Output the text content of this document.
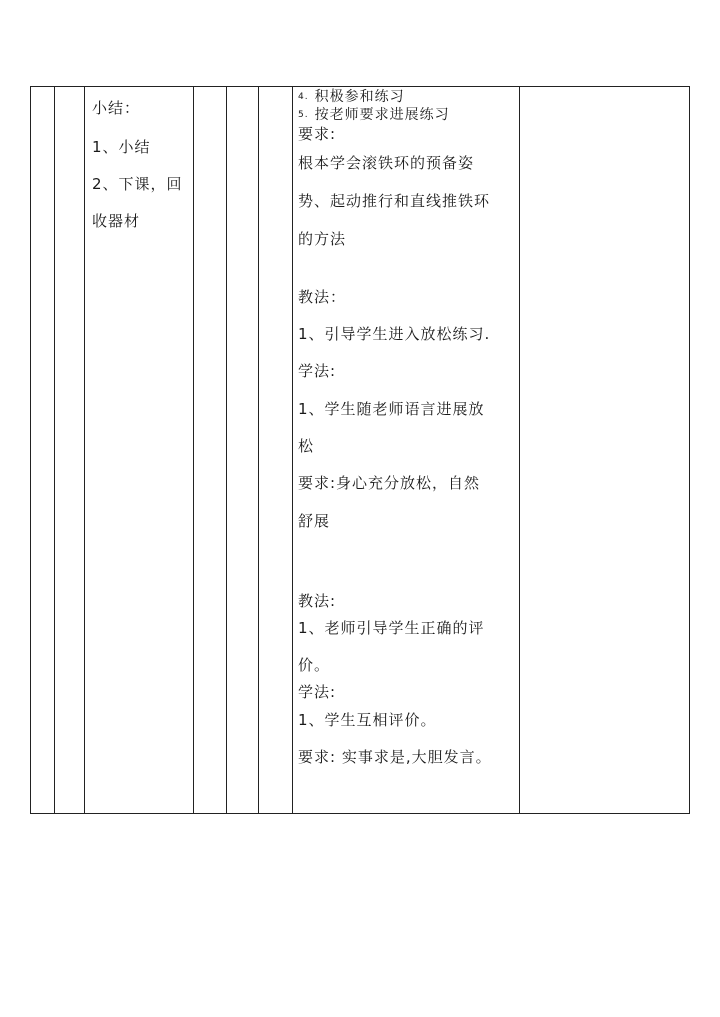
小结：
1、小结
2、下课，回
收器材
4. 积极参和练习
5. 按老师要求进展练习
要求:
根本学会滚铁环的预备姿
势、起动推行和直线推铁环
的方法
教法：
1、引导学生进入放松练习.
学法:
1、学生随老师语言进展放
松
要求:身心充分放松，自然
舒展
教法:
1、老师引导学生正确的评
价。
学法:
1、学生互相评价。
要求: 实事求是,大胆发言。
